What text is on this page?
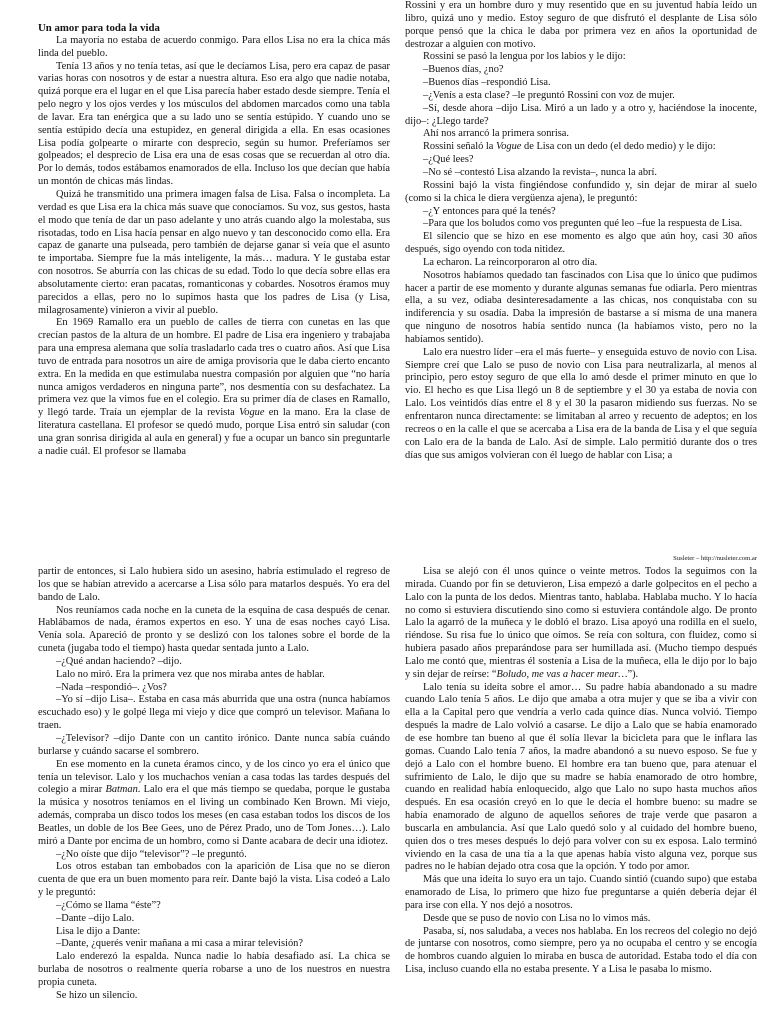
Un amor para toda la vida

La mayoría no estaba de acuerdo conmigo. Para ellos Lisa no era la chica más linda del pueblo.

Tenía 13 años y no tenía tetas, así que le decíamos Lisa, pero era capaz de pasar varias horas con nosotros y de estar a nuestra altura. Eso era algo que nadie notaba, quizá porque era el lugar en el que Lisa parecía haber estado desde siempre. Tenía el pelo negro y los ojos verdes y los músculos del abdomen marcados como una tabla de lavar. Era tan enérgica que a su lado uno se sentía estúpido. Y cuando uno se sentía estúpido decía una estupidez, en general dirigida a ella. En esas ocasiones Lisa podía golpearte o mirarte con desprecio, según su humor. Preferíamos ser golpeados; el desprecio de Lisa era una de esas cosas que se recuerdan al otro día. Por lo demás, todos estábamos enamorados de ella. Incluso los que decían que había un montón de chicas más lindas.

Quizá he transmitido una primera imagen falsa de Lisa. Falsa o incompleta. La verdad es que Lisa era la chica más suave que conocíamos. Su voz, sus gestos, hasta el modo que tenía de dar un paso adelante y uno atrás cuando algo la molestaba, sus risotadas, todo en Lisa hacía pensar en algo nuevo y tan desconocido como ella. Era capaz de ganarte una pulseada, pero también de dejarse ganar si veía que el asunto te importaba. Siempre fue la más inteligente, la más… madura. Y le gustaba estar con nosotros. Se aburría con las chicas de su edad. Todo lo que decía sobre ellas era absolutamente cierto: eran pacatas, romanticonas y cobardes. Nosotros éramos muy parecidos a ellas, pero no lo supimos hasta que los padres de Lisa (y Lisa, milagrosamente) vinieron a vivir al pueblo.

En 1969 Ramallo era un pueblo de calles de tierra con cunetas en las que crecían pastos de la altura de un hombre. El padre de Lisa era ingeniero y trabajaba para una empresa alemana que solía trasladarlo cada tres o cuatro años. Así que Lisa tuvo de entrada para nosotros un aire de amiga provisoria que le daba cierto encanto extra. En la medida en que estimulaba nuestra compasión por alguien que “no haría nunca amigos verdaderos en ninguna parte”, nos desmentía con su desfachatez. La primera vez que la vimos fue en el colegio. Era su primer día de clases en Ramallo, y llegó tarde. Traía un ejemplar de la revista Vogue en la mano. Era la clase de literatura castellana. El profesor se quedó mudo, porque Lisa entró sin saludar (con una gran sonrisa dirigida al aula en general) y fue a ocupar un banco sin preguntarle a nadie cuál. El profesor se llamaba

Rossini y era un hombre duro y muy resentido que en su juventud había leído un libro, quizá uno y medio. Estoy seguro de que disfrutó el desplante de Lisa sólo porque pensó que la chica le daba por primera vez en años la oportunidad de destrozar a alguien con motivo.

Rossini se pasó la lengua por los labios y le dijo:

–Buenos días, ¿no?

–Buenos días –respondió Lisa.

–¿Venís a esta clase? –le preguntó Rossini con voz de mujer.

–Sí, desde ahora –dijo Lisa. Miró a un lado y a otro y, haciéndose la inocente, dijo–: ¿Llego tarde?

Ahí nos arrancó la primera sonrisa.

Rossini señaló la Vogue de Lisa con un dedo (el dedo medio) y le dijo:

–¿Qué lees?

–No sé –contestó Lisa alzando la revista–, nunca la abrí.

Rossini bajó la vista fingiéndose confundido y, sin dejar de mirar al suelo (como si la chica le diera vergüenza ajena), le preguntó:

–¿Y entonces para qué la tenés?

–Para que los boludos como vos pregunten qué leo –fue la respuesta de Lisa.

El silencio que se hizo en ese momento es algo que aún hoy, casi 30 años después, sigo oyendo con toda nitidez.

La echaron. La reincorporaron al otro día.

Nosotros habíamos quedado tan fascinados con Lisa que lo único que pudimos hacer a partir de ese momento y durante algunas semanas fue odiarla. Pero mientras ella, a su vez, odiaba desinteresadamente a las chicas, nos conquistaba con su indiferencia y su osadía. Daba la impresión de bastarse a sí misma de una manera que ninguno de nosotros había sentido nunca (la habíamos visto, pero no la habíamos sentido).

Lalo era nuestro líder –era el más fuerte– y enseguida estuvo de novio con Lisa. Siempre creí que Lalo se puso de novio con Lisa para neutralizarla, al menos al principio, pero estoy seguro de que ella lo amó desde el primer minuto en que lo vio. El hecho es que Lisa llegó un 8 de septiembre y el 30 ya estaba de novia con Lalo. Los veintidós días entre el 8 y el 30 la pasaron midiendo sus fuerzas. No se enfrentaron nunca directamente: se limitaban al arreo y recuento de adeptos; en los recreos o en la calle el que se acercaba a Lisa era de la banda de Lisa y el que seguía con Lalo era de la banda de Lalo. Así de simple. Lalo permitió durante dos o tres días que sus amigos volvieran con él luego de hablar con Lisa; a

Susleter – http://nusleter.com.ar

partir de entonces, si Lalo hubiera sido un asesino, habría estimulado el regreso de los que se habían atrevido a acercarse a Lisa sólo para matarlos después. Yo era del bando de Lalo.

Nos reuníamos cada noche en la cuneta de la esquina de casa después de cenar. Hablábamos de nada, éramos expertos en eso. Y una de esas noches cayó Lisa. Venía sola. Apareció de pronto y se deslizó con los talones sobre el borde de la cuneta (jugaba todo el tiempo) hasta quedar sentada junto a Lalo.

–¿Qué andan haciendo? –dijo.

Lalo no miró. Era la primera vez que nos miraba antes de hablar.

–Nada –respondió–. ¿Vos?

–Yo sí –dijo Lisa–. Estaba en casa más aburrida que una ostra (nunca habíamos escuchado eso) y le golpé llega mi viejo y dice que compró un televisor. Mañana lo traen.

–¿Televisor? –dijo Dante con un cantito irónico. Dante nunca sabía cuándo burlarse y cuándo sacarse el sombrero.

En ese momento en la cuneta éramos cinco, y de los cinco yo era el único que tenía un televisor. Lalo y los muchachos venían a casa todas las tardes después del colegio a mirar Batman. Lalo era el que más tiempo se quedaba, porque le gustaba la música y nosotros teníamos en el living un combinado Ken Brown. Mi viejo, además, compraba un disco todos los meses (en casa estaban todos los discos de los Beatles, un doble de los Bee Gees, uno de Pérez Prado, uno de Tom Jones…). Lalo miró a Dante por encima de un hombro, como si Dante acabara de decir una idiotez.

–¿No oíste que dijo “televisor”? –le preguntó.

Los otros estaban tan embobados con la aparición de Lisa que no se dieron cuenta de que era un buen momento para reír. Dante bajó la vista. Lisa codeó a Lalo y le preguntó:

–¿Cómo se llama “éste”?

–Dante –dijo Lalo.

Lisa le dijo a Dante:

–Dante, ¿querés venir mañana a mi casa a mirar televisión?

Lalo enderezó la espalda. Nunca nadie lo había desafiado así. La chica se burlaba de nosotros o realmente quería robarse a uno de los nuestros en nuestra propia cuneta.

Se hizo un silencio.

Lisa se alejó con él unos quince o veinte metros. Todos la seguimos con la mirada. Cuando por fin se detuvieron, Lisa empezó a darle golpecitos en el pecho a Lalo con la punta de los dedos. Mientras tanto, hablaba. Hablaba mucho. Y lo hacía no como si estuviera discutiendo sino como si estuviera contándole algo. De pronto Lalo la agarró de la muñeca y le dobló el brazo. Lisa apoyó una rodilla en el suelo, riéndose. Su risa fue lo único que oímos. Se reía con soltura, con fluidez, como si hubiera pasado años preparándose para ser humillada así. (Mucho tiempo después Lalo me contó que, mientras él sostenía a Lisa de la muñeca, ella le dijo por lo bajo y sin dejar de reírse: “Boludo, me vas a hacer mear…”).

Lalo tenía su ideíta sobre el amor… Su padre había abandonado a su madre cuando Lalo tenía 5 años. Le dijo que amaba a otra mujer y que se iba a vivir con ella a la Capital pero que vendría a verlo cada quince días. Nunca volvió. Tiempo después la madre de Lalo volvió a casarse. Le dijo a Lalo que se había enamorado de ese hombre tan bueno al que él solía llevar la bicicleta para que le inflara las gomas. Cuando Lalo tenía 7 años, la madre abandonó a su nuevo esposo. Se fue y dejó a Lalo con el hombre bueno. El hombre era tan bueno que, para atenuar el sufrimiento de Lalo, le dijo que su madre se había enamorado de otro hombre, cuando en realidad había enloquecido, algo que Lalo no supo hasta muchos años después. En esa ocasión creyó en lo que le decía el hombre bueno: su madre se había enamorado de alguno de aquellos señores de traje verde que pasaron a buscarla en ambulancia. Así que Lalo quedó solo y al cuidado del hombre bueno, quien dos o tres meses después lo dejó para volver con su ex esposa. Lalo terminó viviendo en la casa de una tía a la que apenas había visto alguna vez, porque sus padres no le habían dejado otra cosa que la opción. Y todo por amor.

Más que una ideíta lo suyo era un tajo. Cuando sintió (cuando supo) que estaba enamorado de Lisa, lo primero que hizo fue preguntarse a quién debería dejar él para irse con ella. Y nos dejó a nosotros.

Desde que se puso de novio con Lisa no lo vimos más.

Pasaba, sí, nos saludaba, a veces nos hablaba. En los recreos del colegio no dejó de juntarse con nosotros, como siempre, pero ya no ocupaba el centro y se encogía de hombros cuando alguien lo miraba en busca de autoridad. Estaba todo el día con Lisa, incluso cuando ella no estaba presente. Y a Lisa le pasaba lo mismo.
